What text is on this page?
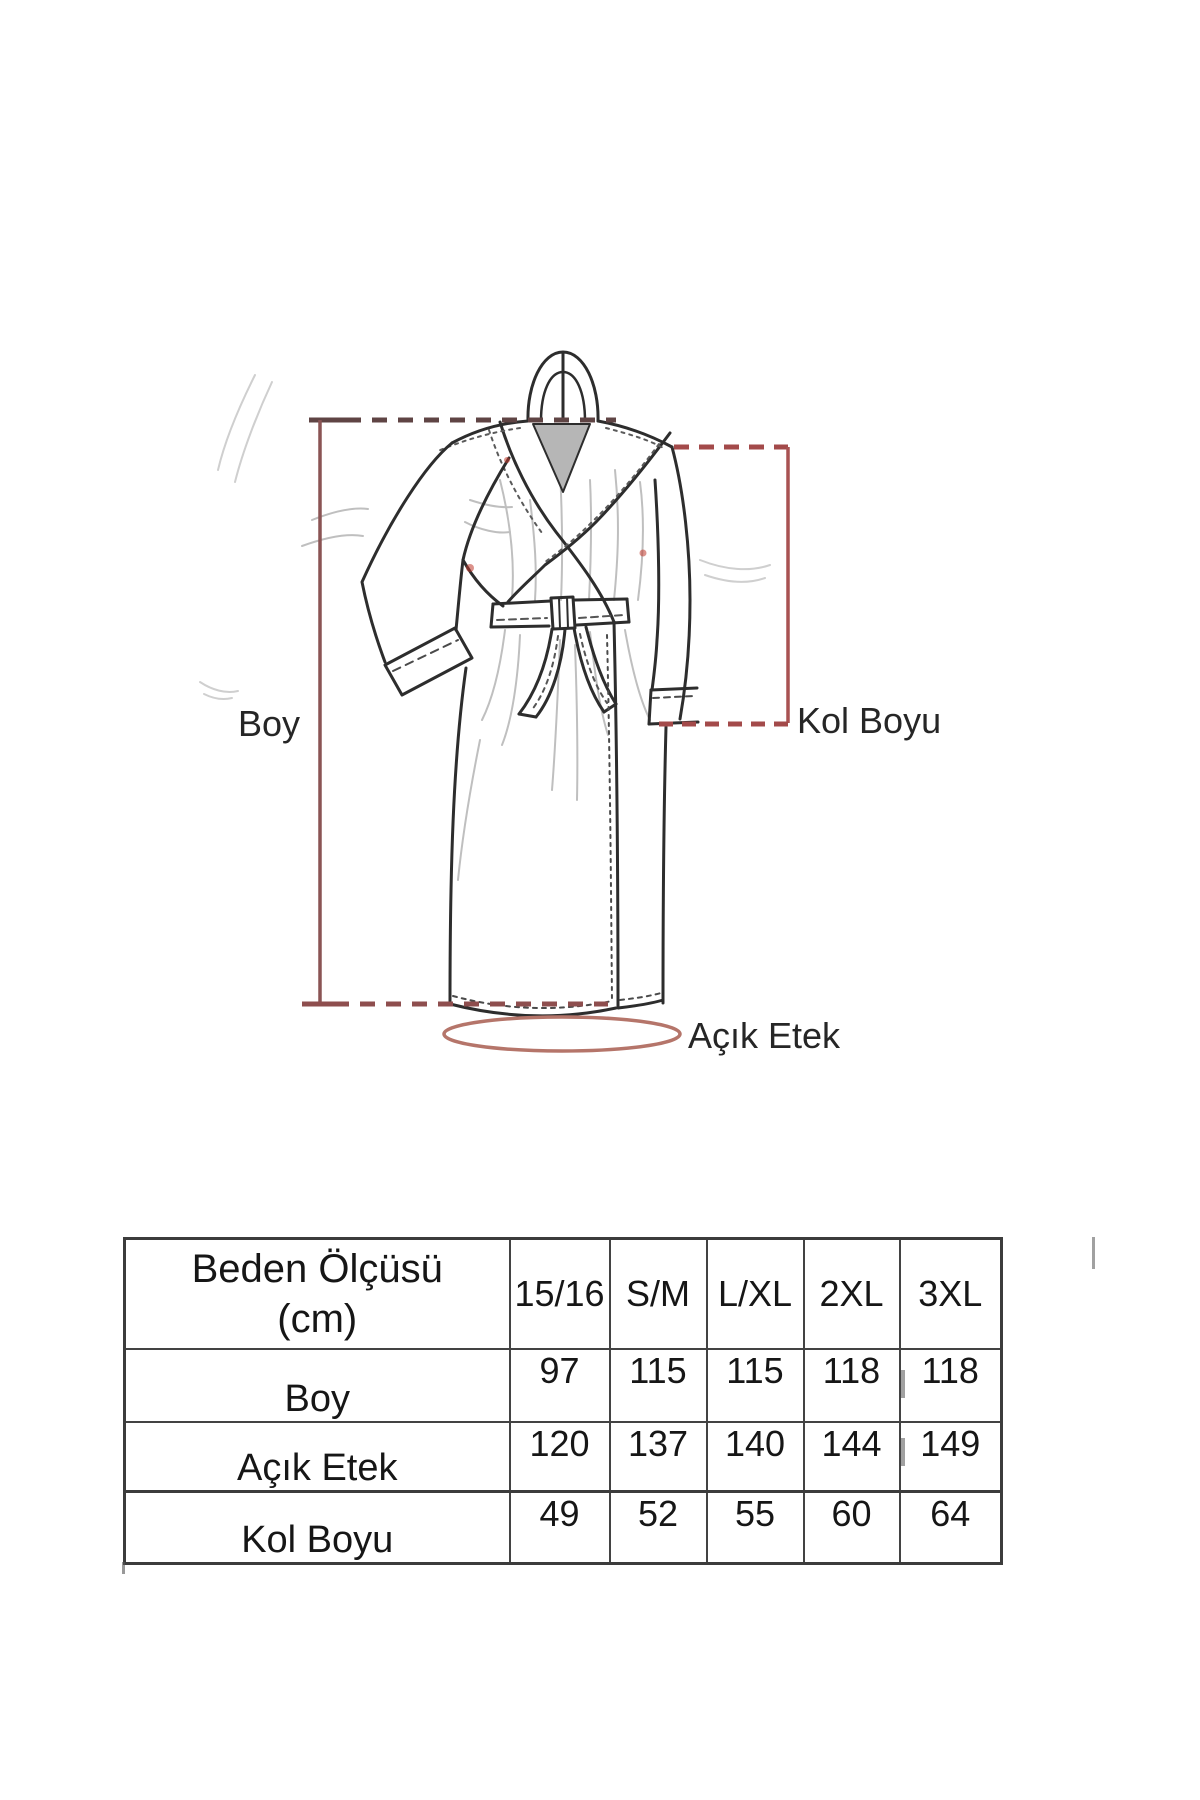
Boy	Kol Boyu
Açık Etek
Beden Ölçüsü
(cm)	15/16	S/M	L/XL	2XL	3XL
Boy	97	115	115	118	118
Açık Etek	120	137	140	144	149
Kol Boyu	49	52	55	60	64
